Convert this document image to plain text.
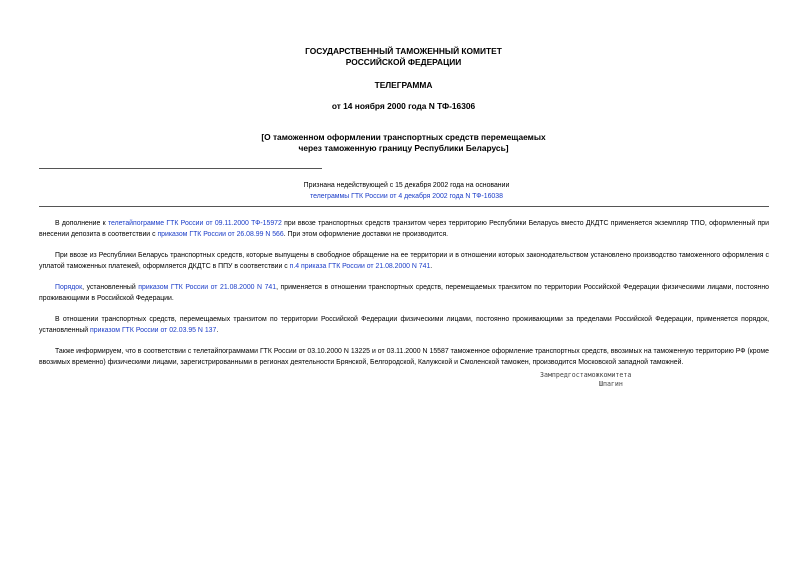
ГОСУДАРСТВЕННЫЙ ТАМОЖЕННЫЙ КОМИТЕТ
РОССИЙСКОЙ ФЕДЕРАЦИИ
ТЕЛЕГРАММА
от 14 ноября 2000 года N ТФ-16306
[О таможенном оформлении транспортных средств перемещаемых
через таможенную границу Республики Беларусь]
Признана недействующей с 15 декабря 2002 года на основании
телеграммы ГТК России от 4 декабря 2002 года N ТФ-16038

В дополнение к телетайпограмме ГТК России от 09.11.2000 ТФ-15972 при ввозе транспортных средств транзитом через территорию Республики Беларусь вместо ДКДТС применяется экземпляр ТПО, оформленный при внесении депозита в соответствии с приказом ГТК России от 26.08.99 N 566. При этом оформление доставки не производится.

При ввозе из Республики Беларусь транспортных средств, которые выпущены в свободное обращение на ее территории и в отношении которых законодательством установлено производство таможенного оформления с уплатой таможенных платежей, оформляется ДКДТС в ППУ в соответствии с п.4 приказа ГТК России от 21.08.2000 N 741.

Порядок, установленный приказом ГТК России от 21.08.2000 N 741, применяется в отношении транспортных средств, перемещаемых транзитом по территории Российской Федерации физическими лицами, постоянно проживающими в Российской Федерации.

В отношении транспортных средств, перемещаемых транзитом по территории Российской Федерации физическими лицами, постоянно проживающими за пределами Российской Федерации, применяется порядок, установленный приказом ГТК России от 02.03.95 N 137.

Также информируем, что в соответствии с телетайпограммами ГТК России от 03.10.2000 N 13225 и от 03.11.2000 N 15587 таможенное оформление транспортных средств, ввозимых на таможенную территорию РФ (кроме ввозимых временно) физическими лицами, зарегистрированными в регионах деятельности Брянской, Белгородской, Калужской и Смоленской таможен, производится Московской западной таможней.

Зампредгостаможкомитета
Шпагин
